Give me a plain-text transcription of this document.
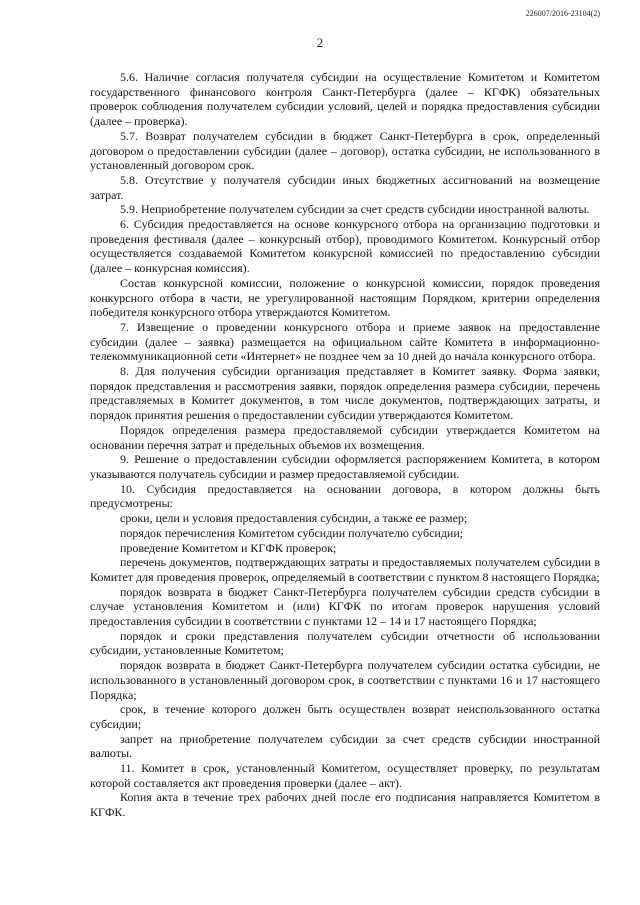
226007/2016-23104(2)
2

5.6. Наличие согласия получателя субсидии на осуществление Комитетом и Комитетом государственного финансового контроля Санкт-Петербурга (далее – КГФК) обязательных проверок соблюдения получателем субсидии условий, целей и порядка предоставления субсидии (далее – проверка).

5.7. Возврат получателем субсидии в бюджет Санкт-Петербурга в срок, определенный договором о предоставлении субсидии (далее – договор), остатка субсидии, не использованного в установленный договором срок.

5.8. Отсутствие у получателя субсидии иных бюджетных ассигнований на возмещение затрат.

5.9. Неприобретение получателем субсидии за счет средств субсидии иностранной валюты.

6. Субсидия предоставляется на основе конкурсного отбора на организацию подготовки и проведения фестиваля (далее – конкурсный отбор), проводимого Комитетом. Конкурсный отбор осуществляется создаваемой Комитетом конкурсной комиссией по предоставлению субсидии (далее – конкурсная комиссия).

Состав конкурсной комиссии, положение о конкурсной комиссии, порядок проведения конкурсного отбора в части, не урегулированной настоящим Порядком, критерии определения победителя конкурсного отбора утверждаются Комитетом.

7. Извещение о проведении конкурсного отбора и приеме заявок на предоставление субсидии (далее – заявка) размещается на официальном сайте Комитета в информационно-телекоммуникационной сети «Интернет» не позднее чем за 10 дней до начала конкурсного отбора.

8. Для получения субсидии организация представляет в Комитет заявку. Форма заявки, порядок представления и рассмотрения заявки, порядок определения размера субсидии, перечень представляемых в Комитет документов, в том числе документов, подтверждающих затраты, и порядок принятия решения о предоставлении субсидии утверждаются Комитетом.

Порядок определения размера предоставляемой субсидии утверждается Комитетом на основании перечня затрат и предельных объемов их возмещения.

9. Решение о предоставлении субсидии оформляется распоряжением Комитета, в котором указываются получатель субсидии и размер предоставляемой субсидии.

10. Субсидия предоставляется на основании договора, в котором должны быть предусмотрены:

сроки, цели и условия предоставления субсидии, а также ее размер;

порядок перечисления Комитетом субсидии получателю субсидии;

проведение Комитетом и КГФК проверок;

перечень документов, подтверждающих затраты и предоставляемых получателем субсидии в Комитет для проведения проверок, определяемый в соответствии с пунктом 8 настоящего Порядка;

порядок возврата в бюджет Санкт-Петербурга получателем субсидии средств субсидии в случае установления Комитетом и (или) КГФК по итогам проверок нарушения условий предоставления субсидии в соответствии с пунктами 12 – 14 и 17 настоящего Порядка;

порядок и сроки представления получателем субсидии отчетности об использовании субсидии, установленные Комитетом;

порядок возврата в бюджет Санкт-Петербурга получателем субсидии остатка субсидии, не использованного в установленный договором срок, в соответствии с пунктами 16 и 17 настоящего Порядка;

срок, в течение которого должен быть осуществлен возврат неиспользованного остатка субсидии;

запрет на приобретение получателем субсидии за счет средств субсидии иностранной валюты.

11. Комитет в срок, установленный Комитетом, осуществляет проверку, по результатам которой составляется акт проведения проверки (далее – акт).

Копия акта в течение трех рабочих дней после его подписания направляется Комитетом в КГФК.
